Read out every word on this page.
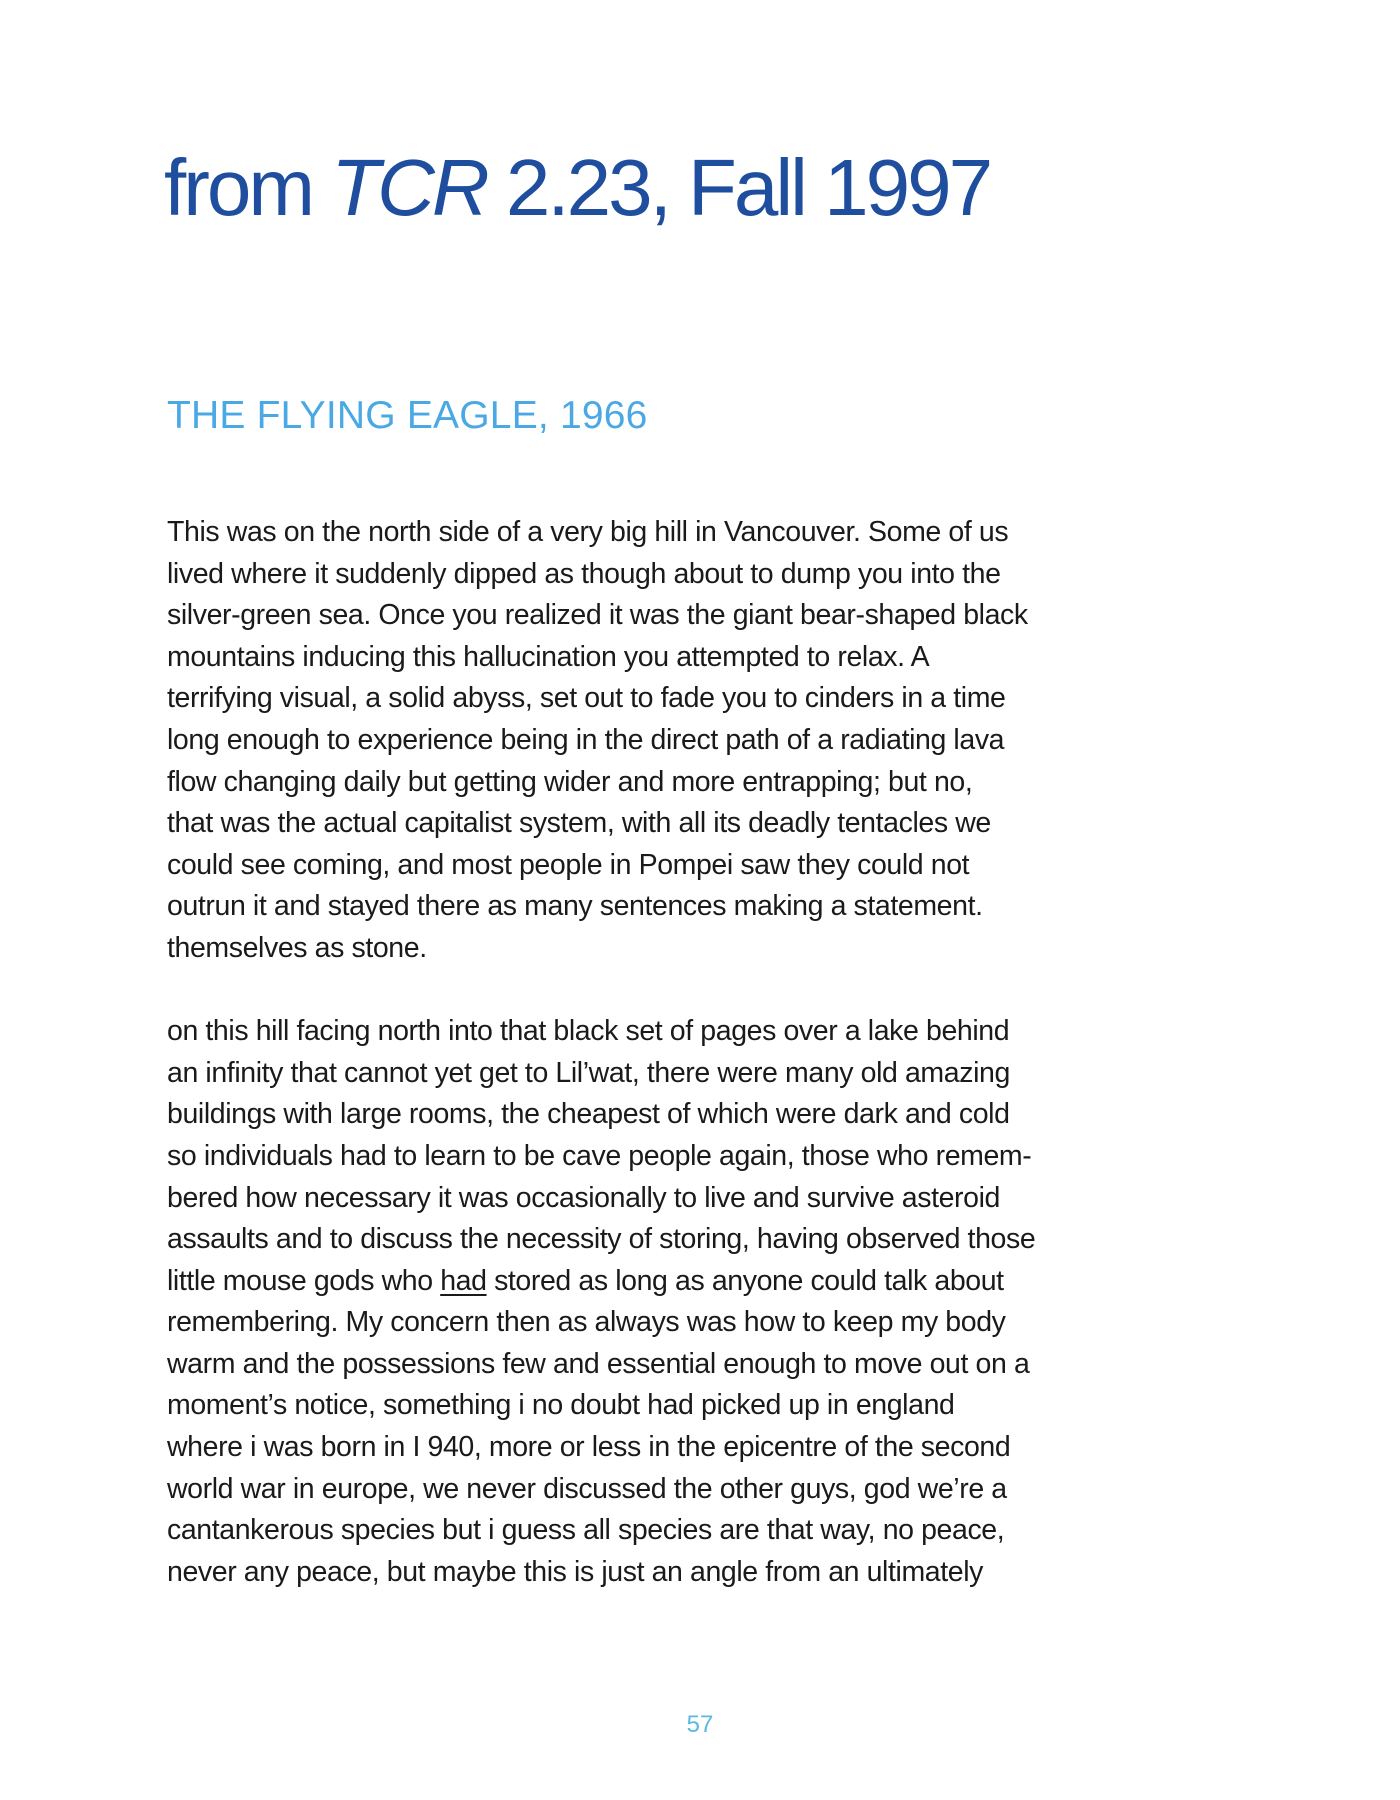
from TCR 2.23, Fall 1997
THE FLYING EAGLE, 1966

This was on the north side of a very big hill in Vancouver. Some of us
lived where it suddenly dipped as though about to dump you into the
silver-green sea. Once you realized it was the giant bear-shaped black
mountains inducing this hallucination you attempted to relax. A
terrifying visual, a solid abyss, set out to fade you to cinders in a time
long enough to experience being in the direct path of a radiating lava
flow changing daily but getting wider and more entrapping; but no,
that was the actual capitalist system, with all its deadly tentacles we
could see coming, and most people in Pompei saw they could not
outrun it and stayed there as many sentences making a statement.
themselves as stone.

on this hill facing north into that black set of pages over a lake behind
an infinity that cannot yet get to Lil’wat, there were many old amazing
buildings with large rooms, the cheapest of which were dark and cold
so individuals had to learn to be cave people again, those who remem-
bered how necessary it was occasionally to live and survive asteroid
assaults and to discuss the necessity of storing, having observed those
little mouse gods who had stored as long as anyone could talk about
remembering. My concern then as always was how to keep my body
warm and the possessions few and essential enough to move out on a
moment’s notice, something i no doubt had picked up in england
where i was born in I 940, more or less in the epicentre of the second
world war in europe, we never discussed the other guys, god we’re a
cantankerous species but i guess all species are that way, no peace,
never any peace, but maybe this is just an angle from an ultimately

57
